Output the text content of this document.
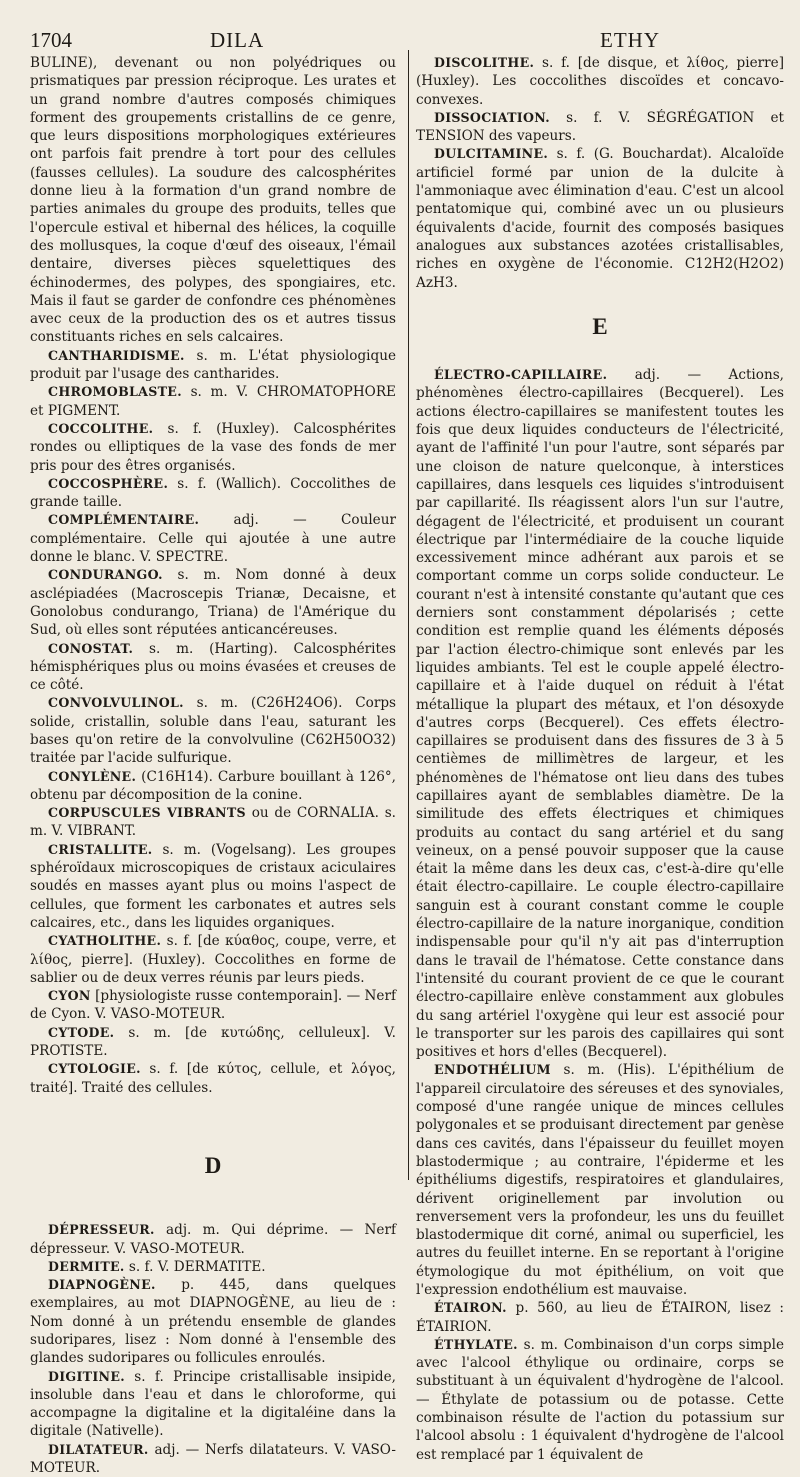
1704	DILA	ETHY

BULINE), devenant ou non polyédriques ou prismatiques par pression réciproque. Les urates et un grand nombre d'autres composés chimiques forment des groupements cristallins de ce genre, que leurs dispositions morphologiques extérieures ont parfois fait prendre à tort pour des cellules (fausses cellules). La soudure des calcosphérites donne lieu à la formation d'un grand nombre de parties animales du groupe des produits, telles que l'opercule estival et hibernal des hélices, la coquille des mollusques, la coque d'œuf des oiseaux, l'émail dentaire, diverses pièces squelettiques des échinodermes, des polypes, des spongiaires, etc. Mais il faut se garder de confondre ces phénomènes avec ceux de la production des os et autres tissus constituants riches en sels calcaires.

CANTHARIDISME. s. m. L'état physiologique produit par l'usage des cantharides.

CHROMOBLASTE. s. m. V. CHROMATOPHORE et PIGMENT.

COCCOLITHE. s. f. (Huxley). Calcosphérites rondes ou elliptiques de la vase des fonds de mer pris pour des êtres organisés.

COCCOSPHÈRE. s. f. (Wallich). Coccolithes de grande taille.

COMPLÉMENTAIRE.	adj. — Couleur complémentaire. Celle qui ajoutée à une autre donne le blanc. V. SPECTRE.

CONDURANGO. s. m. Nom donné à deux asclépiadées (Macroscepis Trianæ, Decaisne, et Gonolobus condurango, Triana) de l'Amérique du Sud, où elles sont réputées anticancéreuses.

CONOSTAT. s. m. (Harting). Calcosphérites hémisphériques plus ou moins évasées et creuses de ce côté.

CONVOLVULINOL. s. m. (C26H24O6). Corps solide, cristallin, soluble dans l'eau, saturant les bases qu'on retire de la convolvuline (C62H50O32) traitée par l'acide sulfurique.

CONYLÈNE. (C16H14). Carbure bouillant à 126°, obtenu par décomposition de la conine.

CORPUSCULES VIBRANTS ou de CORNALIA. s. m. V. VIBRANT.

CRISTALLITE. s. m. (Vogelsang). Les groupes sphéroïdaux microscopiques de cristaux aciculaires soudés en masses ayant plus ou moins l'aspect de cellules, que forment les carbonates et autres sels calcaires, etc., dans les liquides organiques.

CYATHOLITHE. s. f. [de κύαθος, coupe, verre, et λίθος, pierre]. (Huxley). Coccolithes en forme de sablier ou de deux verres réunis par leurs pieds.

CYON [physiologiste russe contemporain]. — Nerf de Cyon. V. VASO-MOTEUR.

CYTODE. s. m. [de κυτώδης, celluleux]. V. PROTISTE.

CYTOLOGIE. s. f. [de κύτος, cellule, et λόγος, traité]. Traité des cellules.

D

DÉPRESSEUR. adj. m. Qui déprime. — Nerf dépresseur. V. VASO-MOTEUR.

DERMITE. s. f. V. DERMATITE.

DIAPNOGÈNE. p. 445, dans quelques exemplaires, au mot DIAPNOGÈNE, au lieu de : Nom donné à un prétendu ensemble de glandes sudoripares, lisez : Nom donné à l'ensemble des glandes sudoripares ou follicules enroulés.

DIGITINE. s. f. Principe cristallisable insipide, insoluble dans l'eau et dans le chloroforme, qui accompagne la digitaline et la digitaléine dans la digitale (Nativelle).

DILATATEUR. adj. — Nerfs dilatateurs. V. VASO-MOTEUR.

DISCOLITHE. s. f. [de disque, et λίθος, pierre] (Huxley). Les coccolithes discoïdes et concavo-convexes.

DISSOCIATION. s. f. V. SÉGRÉGATION et TENSION des vapeurs.

DULCITAMINE. s. f. (G. Bouchardat). Alcaloïde artificiel formé par union de la dulcite à l'ammoniaque avec élimination d'eau. C'est un alcool pentatomique qui, combiné avec un ou plusieurs équivalents d'acide, fournit des composés basiques analogues aux substances azotées cristallisables, riches en oxygène de l'économie. C12H2(H2O2) AzH3.

E

ÉLECTRO-CAPILLAIRE. adj. — Actions, phénomènes électro-capillaires (Becquerel). Les actions électro-capillaires se manifestent toutes les fois que deux liquides conducteurs de l'électricité, ayant de l'affinité l'un pour l'autre, sont séparés par une cloison de nature quelconque, à interstices capillaires, dans lesquels ces liquides s'introduisent par capillarité. Ils réagissent alors l'un sur l'autre, dégagent de l'électricité, et produisent un courant électrique par l'intermédiaire de la couche liquide excessivement mince adhérant aux parois et se comportant comme un corps solide conducteur. Le courant n'est à intensité constante qu'autant que ces derniers sont constamment dépolarisés ; cette condition est remplie quand les éléments déposés par l'action électro-chimique sont enlevés par les liquides ambiants. Tel est le couple appelé électro-capillaire et à l'aide duquel on réduit à l'état métallique la plupart des métaux, et l'on désoxyde d'autres corps (Becquerel). Ces effets électro-capillaires se produisent dans des fissures de 3 à 5 centièmes de millimètres de largeur, et les phénomènes de l'hématose ont lieu dans des tubes capillaires ayant de semblables diamètre. De la similitude des effets électriques et chimiques produits au contact du sang artériel et du sang veineux, on a pensé pouvoir supposer que la cause était la même dans les deux cas, c'est-à-dire qu'elle était électro-capillaire. Le couple électro-capillaire sanguin est à courant constant comme le couple électro-capillaire de la nature inorganique, condition indispensable pour qu'il n'y ait pas d'interruption dans le travail de l'hématose. Cette constance dans l'intensité du courant provient de ce que le courant électro-capillaire enlève constamment aux globules du sang artériel l'oxygène qui leur est associé pour le transporter sur les parois des capillaires qui sont positives et hors d'elles (Becquerel).

ENDOTHÉLIUM s. m. (His). L'épithélium de l'appareil circulatoire des séreuses et des synoviales, composé d'une rangée unique de minces cellules polygonales et se produisant directement par genèse dans ces cavités, dans l'épaisseur du feuillet moyen blastodermique ; au contraire, l'épiderme et les épithéliums digestifs, respiratoires et glandulaires, dérivent originellement par involution ou renversement vers la profondeur, les uns du feuillet blastodermique dit corné, animal ou superficiel, les autres du feuillet interne. En se reportant à l'origine étymologique du mot épithélium, on voit que l'expression endothélium est mauvaise.

ÉTAIRON. p. 560, au lieu de ÉTAIRON, lisez : ÉTAIRION.

ÉTHYLATE. s. m. Combinaison d'un corps simple avec l'alcool éthylique ou ordinaire, corps se substituant à un équivalent d'hydrogène de l'alcool. — Éthylate de potassium ou de potasse. Cette combinaison résulte de l'action du potassium sur l'alcool absolu : 1 équivalent d'hydrogène de l'alcool est remplacé par 1 équivalent de
